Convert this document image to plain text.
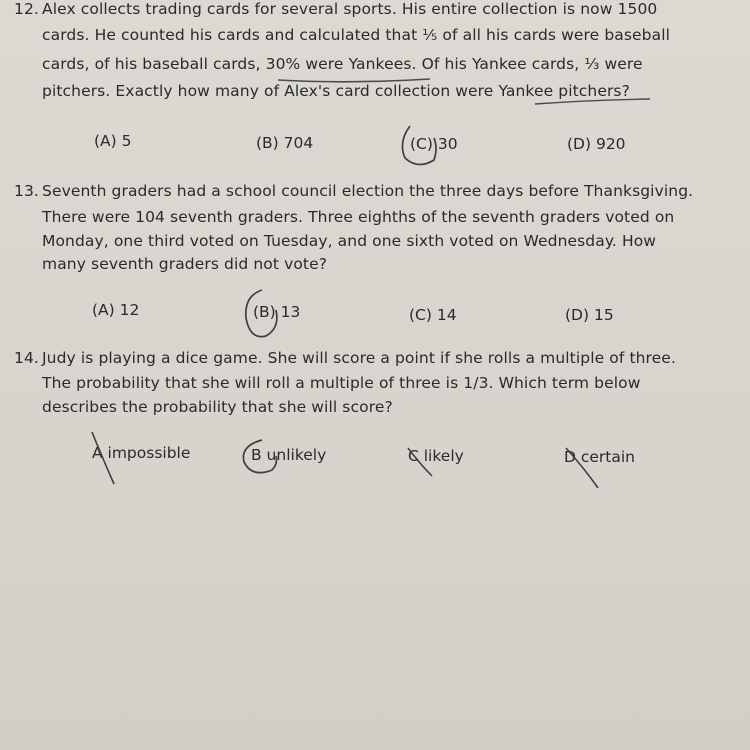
12. Alex collects trading cards for several sports. His entire collection is now 1500
cards. He counted his cards and calculated that ⅕ of all his cards were baseball
cards, of his baseball cards, 30% were Yankees. Of his Yankee cards, ⅓ were
pitchers. Exactly how many of Alex's card collection were Yankee pitchers?
(A) 5	(B) 704	(C) 30	(D) 920
13. Seventh graders had a school council election the three days before Thanksgiving.
There were 104 seventh graders. Three eighths of the seventh graders voted on
Monday, one third voted on Tuesday, and one sixth voted on Wednesday. How
many seventh graders did not vote?
(A) 12	(B) 13	(C) 14	(D) 15
14. Judy is playing a dice game. She will score a point if she rolls a multiple of three.
The probability that she will roll a multiple of three is 1/3. Which term below
describes the probability that she will score?
A impossible	B unlikely	C likely	D certain
